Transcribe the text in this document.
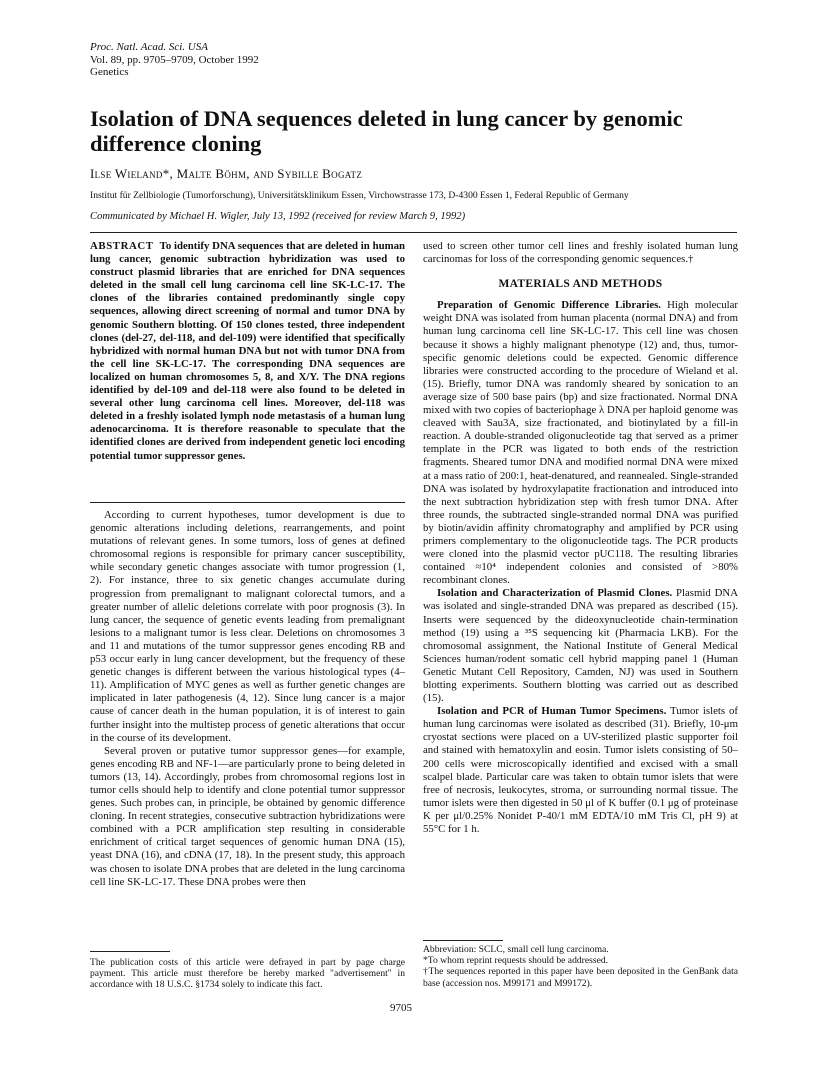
Proc. Natl. Acad. Sci. USA
Vol. 89, pp. 9705–9709, October 1992
Genetics
Isolation of DNA sequences deleted in lung cancer by genomic difference cloning
Ilse Wieland*, Malte Böhm, and Sybille Bogatz
Institut für Zellbiologie (Tumorforschung), Universitätsklinikum Essen, Virchowstrasse 173, D-4300 Essen 1, Federal Republic of Germany
Communicated by Michael H. Wigler, July 13, 1992 (received for review March 9, 1992)
ABSTRACT To identify DNA sequences that are deleted in human lung cancer, genomic subtraction hybridization was used to construct plasmid libraries that are enriched for DNA sequences deleted in the small cell lung carcinoma cell line SK-LC-17. The clones of the libraries contained predominantly single copy sequences, allowing direct screening of normal and tumor DNA by genomic Southern blotting. Of 150 clones tested, three independent clones (del-27, del-118, and del-109) were identified that specifically hybridized with normal human DNA but not with tumor DNA from the cell line SK-LC-17. The corresponding DNA sequences are localized on human chromosomes 5, 8, and X/Y. The DNA regions identified by del-109 and del-118 were also found to be deleted in several other lung carcinoma cell lines. Moreover, del-118 was deleted in a freshly isolated lymph node metastasis of a human lung adenocarcinoma. It is therefore reasonable to speculate that the identified clones are derived from independent genetic loci encoding potential tumor suppressor genes.

According to current hypotheses, tumor development is due to genomic alterations including deletions, rearrangements, and point mutations of relevant genes. In some tumors, loss of genes at defined chromosomal regions is responsible for primary cancer susceptibility, while secondary genetic changes associate with tumor progression (1, 2). For instance, three to six genetic changes accumulate during progression from premalignant to malignant colorectal tumors, and a greater number of allelic deletions correlate with poor prognosis (3). In lung cancer, the sequence of genetic events leading from premalignant lesions to a malignant tumor is less clear. Deletions on chromosomes 3 and 11 and mutations of the tumor suppressor genes encoding RB and p53 occur early in lung cancer development, but the frequency of these genetic changes is different between the various histological types (4–11). Amplification of MYC genes as well as further genetic changes are implicated in later pathogenesis (4, 12). Since lung cancer is a major cause of cancer death in the human population, it is of interest to gain further insight into the multistep process of genetic alterations that occur in the course of its development.

Several proven or putative tumor suppressor genes—for example, genes encoding RB and NF-1—are particularly prone to being deleted in tumors (13, 14). Accordingly, probes from chromosomal regions lost in tumor cells should help to identify and clone potential tumor suppressor genes. Such probes can, in principle, be obtained by genomic difference cloning. In recent strategies, consecutive subtraction hybridizations were combined with a PCR amplification step resulting in considerable enrichment of critical target sequences of genomic human DNA (15), yeast DNA (16), and cDNA (17, 18). In the present study, this approach was chosen to isolate DNA probes that are deleted in the lung carcinoma cell line SK-LC-17. These DNA probes were then

The publication costs of this article were defrayed in part by page charge payment. This article must therefore be hereby marked "advertisement" in accordance with 18 U.S.C. §1734 solely to indicate this fact.

used to screen other tumor cell lines and freshly isolated human lung carcinomas for loss of the corresponding genomic sequences.†

MATERIALS AND METHODS

Preparation of Genomic Difference Libraries. High molecular weight DNA was isolated from human placenta (normal DNA) and from human lung carcinoma cell line SK-LC-17. This cell line was chosen because it shows a highly malignant phenotype (12) and, thus, tumor-specific genomic deletions could be expected. Genomic difference libraries were constructed according to the procedure of Wieland et al. (15). Briefly, tumor DNA was randomly sheared by sonication to an average size of 500 base pairs (bp) and size fractionated. Normal DNA mixed with two copies of bacteriophage λ DNA per haploid genome was cleaved with Sau3A, size fractionated, and biotinylated by a fill-in reaction. A double-stranded oligonucleotide tag that served as a primer template in the PCR was ligated to both ends of the restriction fragments. Sheared tumor DNA and modified normal DNA were mixed at a mass ratio of 200:1, heat-denatured, and reannealed. Single-stranded DNA was isolated by hydroxylapatite fractionation and introduced into the next subtraction hybridization step with fresh tumor DNA. After three rounds, the subtracted single-stranded normal DNA was purified by biotin/avidin affinity chromatography and amplified by PCR using primers complementary to the oligonucleotide tags. The PCR products were cloned into the plasmid vector pUC118. The resulting libraries contained ≈10⁴ independent colonies and consisted of >80% recombinant clones.

Isolation and Characterization of Plasmid Clones. Plasmid DNA was isolated and single-stranded DNA was prepared as described (15). Inserts were sequenced by the dideoxynucleotide chain-termination method (19) using a ³⁵S sequencing kit (Pharmacia LKB). For the chromosomal assignment, the National Institute of General Medical Sciences human/rodent somatic cell hybrid mapping panel 1 (Human Genetic Mutant Cell Repository, Camden, NJ) was used in Southern blotting experiments. Southern blotting was carried out as described (15).

Isolation and PCR of Human Tumor Specimens. Tumor islets of human lung carcinomas were isolated as described (31). Briefly, 10-μm cryostat sections were placed on a UV-sterilized plastic supporter foil and stained with hematoxylin and eosin. Tumor islets consisting of 50–200 cells were microscopically identified and excised with a small scalpel blade. Particular care was taken to obtain tumor islets that were free of necrosis, leukocytes, stroma, or surrounding normal tissue. The tumor islets were then digested in 50 μl of K buffer (0.1 μg of proteinase K per μl/0.25% Nonidet P-40/1 mM EDTA/10 mM Tris Cl, pH 9) at 55°C for 1 h.

Abbreviation: SCLC, small cell lung carcinoma.
*To whom reprint requests should be addressed.
†The sequences reported in this paper have been deposited in the GenBank data base (accession nos. M99171 and M99172).
9705
